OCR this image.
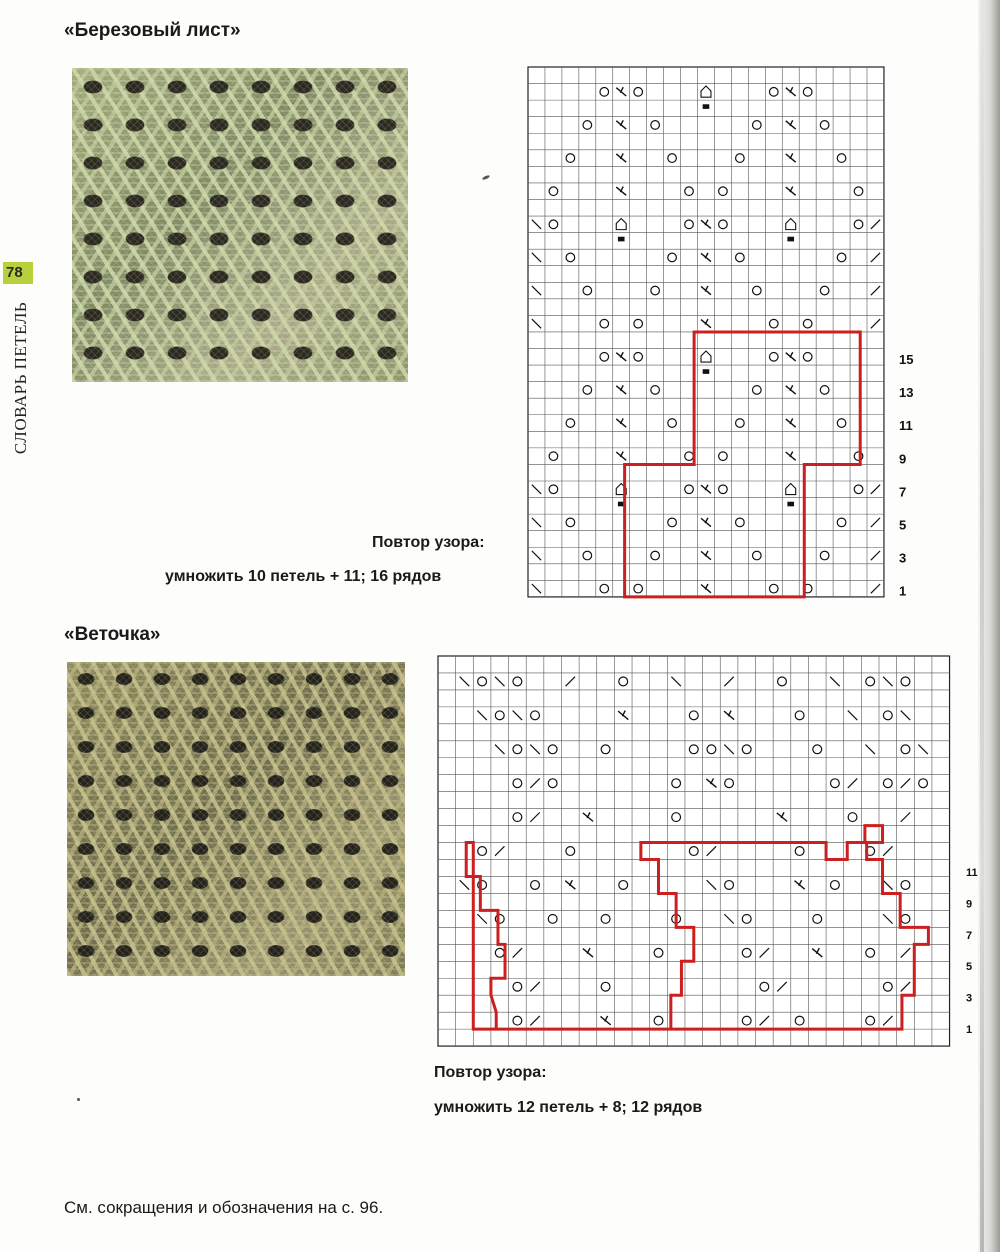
78
СЛОВАРЬ ПЕТЕЛЬ
«Березовый лист»
15
13
11
9
7
5
3
1
11
9
7
5
3
1
Повтор узора:
умножить 10 петель + 11; 16 рядов
«Веточка»
Повтор узора:
умножить 12 петель + 8; 12 рядов
См. сокращения и обозначения на с. 96.
